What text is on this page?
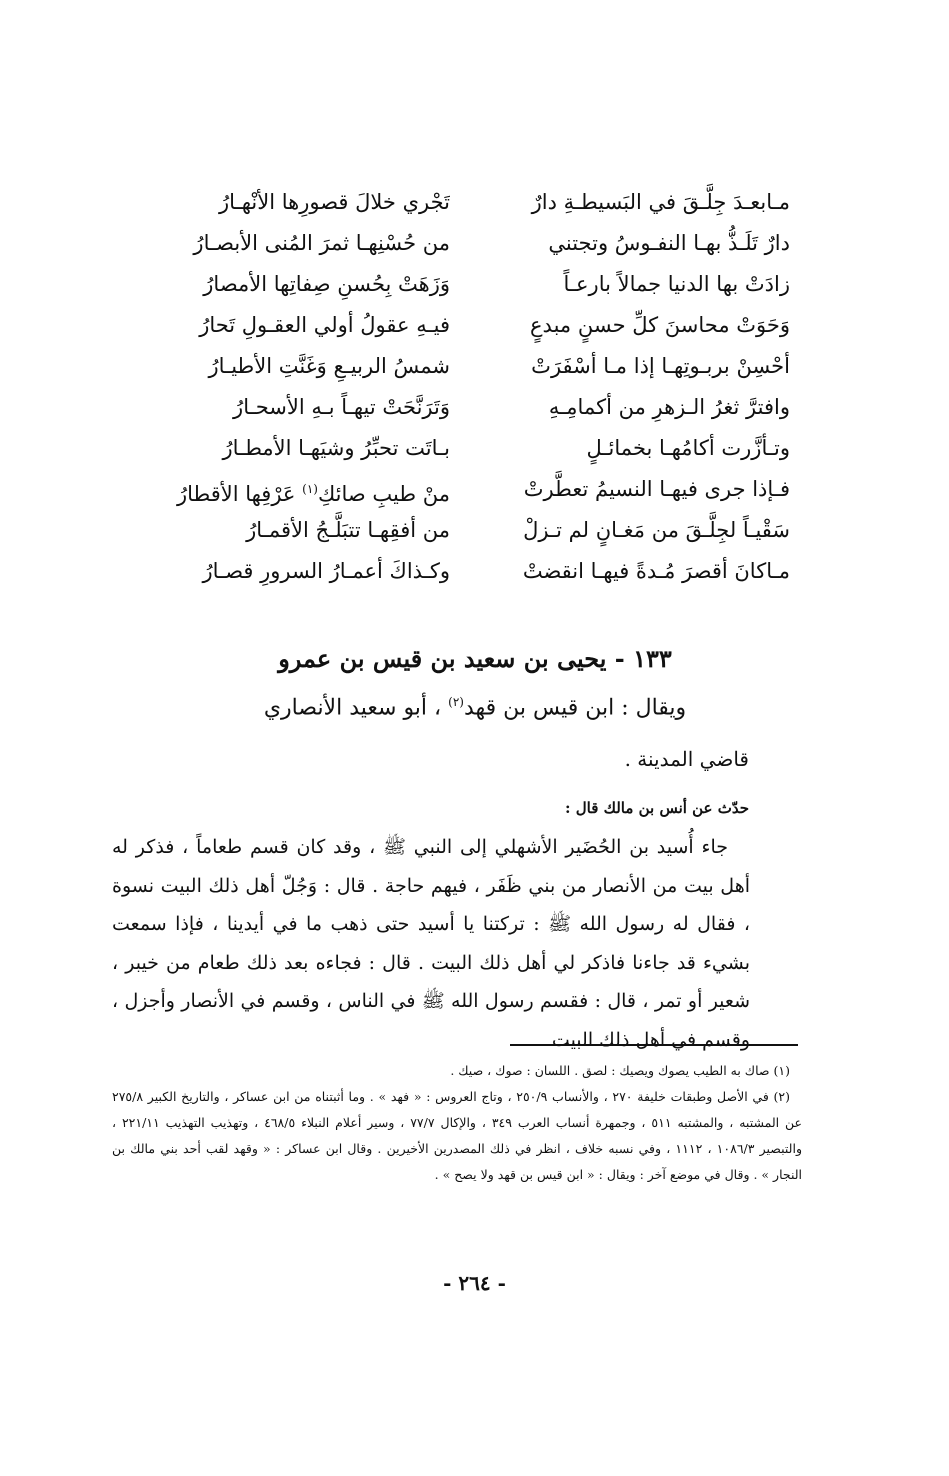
مـابعـدَ جِلَّـقَ في البَسيطـةِ دارٌ
تَجْري خلالَ قصورِها الأنْهـارُ
دارٌ تَلَـذُّ بهـا النفـوسُ وتجتني
من حُسْنِهـا ثمرَ المُنى الأبصـارُ
زادَتْ بها الدنيا جمالاً بارعـاً
وَزَهَتْ بِحُسنِ صِفاتِها الأمصارُ
وَحَوَتْ محاسنَ كلِّ حسنٍ مبدعٍ
فيـهِ عقولُ أولي العقـولِ تَحارُ
أحْسِنْ بربـوتِهـا إذا مـا أسْفَرَتْ
شمسُ الربيـعِ وَغَنَّتِ الأطيـارُ
وافترَّ ثغرُ الـزهرِ من أكمامِـهِ
وَتَرَنَّحَتْ تيهـاً بـهِ الأسحـارُ
وتـأزَّرت أكامُهـا بخمائـلٍ
بـاتَت تحبِّرُ وشيَهـا الأمطـارُ
فـإذا جرى فيهـا النسيمُ تعطَّرتْ
منْ طيبِ صائكِ$^{(١)}$ عَرْفِها الأقطارُ
سَقْيـاً لجِلَّـقَ من مَغـانٍ لم تـزلْ
من أفقِهـا تتبَلَّـجُ الأقمـارُ
مـاكانَ أقصرَ مُـدةً فيهـا انقضتْ
وكـذاكَ أعمـارُ السرورِ قصـارُ
١٣٣ - يحيى بن سعيد بن قيس بن عمرو
ويقال : ابن قيس بن قهد$^{(٢)}$ ، أبو سعيد الأنصاري
قاضي المدينة .
حدّث عن أنس بن مالك قال :

جاء أُسيد بن الحُضَير الأشهلي إلى النبي ﷺ ، وقد كان قسم طعاماً ، فذكر له أهل بيت من الأنصار من بني ظَفَر ، فيهم حاجة . قال : وَجُلّ أهل ذلك البيت نسوة ، فقال له رسول الله ﷺ : تركتنا يا أسيد حتى ذهب ما في أيدينا ، فإذا سمعت بشيء قد جاءنا فاذكر لي أهل ذلك البيت . قال : فجاءه بعد ذلك طعام من خيبر ، شعير أو تمر ، قال : فقسم رسول الله ﷺ في الناس ، وقسم في الأنصار وأجزل ، وقسم في أهل ذلك البيت

(١) صاك به الطيب يصوك ويصيك : لصق . اللسان : صوك ، صيك .

(٢) في الأصل وطبقات خليفة ٢٧٠ ، والأنساب ٢٥٠/٩ ، وتاج العروس : « فهد » . وما أثبتناه من ابن عساكر ، والتاريخ الكبير ٢٧٥/٨ عن المشتبه ، والمشتبه ٥١١ ، وجمهرة أنساب العرب ٣٤٩ ، والإكال ٧٧/٧ ، وسير أعلام النبلاء ٤٦٨/٥ ، وتهذيب التهذيب ٢٢١/١١ ، والتبصير ١٠٨٦/٣ ، ١١١٢ ، وفي نسبه خلاف ، انظر في ذلك المصدرين الأخيرين . وقال ابن عساكر : « وقهد لقب أحد بني مالك بن النجار » . وقال في موضع آخر : ويقال : « ابن قيس بن قهد ولا يصح » .

- ٢٦٤ -
